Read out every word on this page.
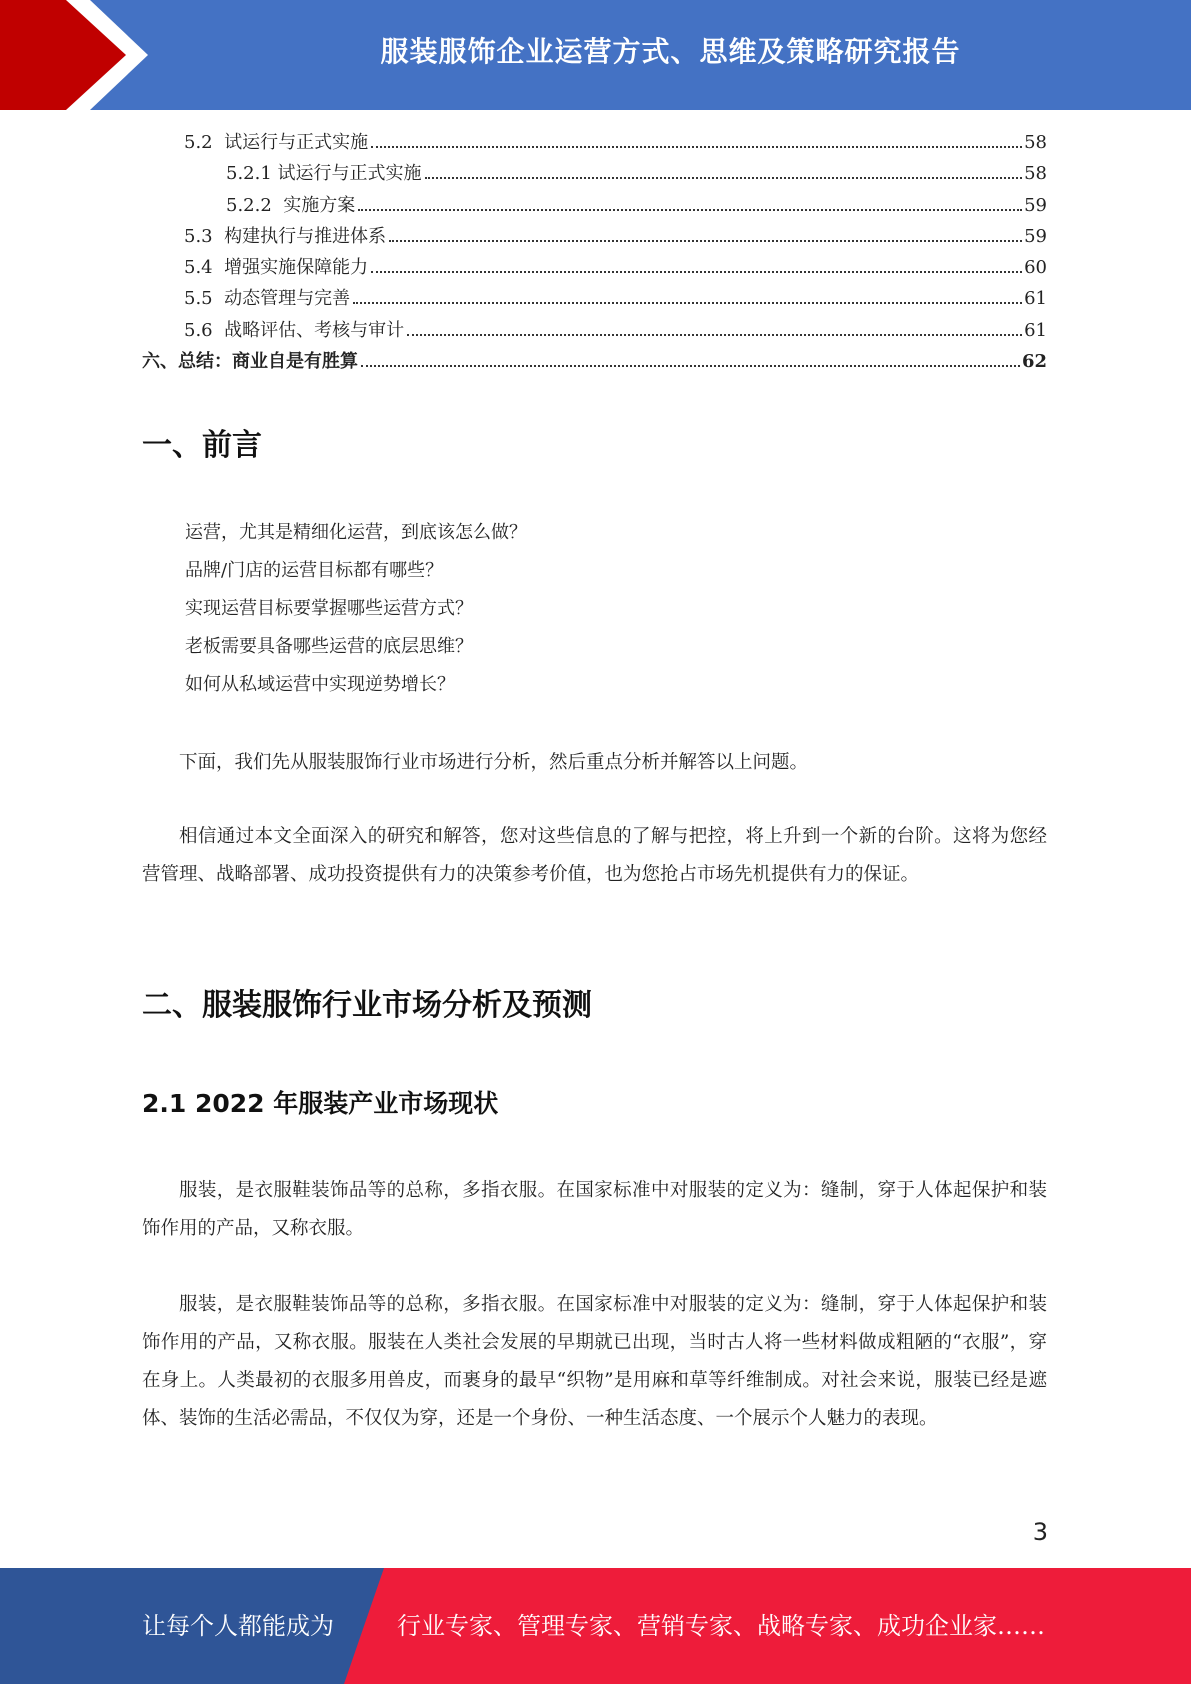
服装服饰企业运营方式、思维及策略研究报告
5.2  试运行与正式实施	58
5.2.1 试运行与正式实施	58
5.2.2  实施方案	59
5.3  构建执行与推进体系	59
5.4  增强实施保障能力	60
5.5  动态管理与完善	61
5.6  战略评估、考核与审计	61
六、总结：商业自是有胜算	62
一、前言
运营，尤其是精细化运营，到底该怎么做？
品牌/门店的运营目标都有哪些？
实现运营目标要掌握哪些运营方式？
老板需要具备哪些运营的底层思维？
如何从私域运营中实现逆势增长？
下面，我们先从服装服饰行业市场进行分析，然后重点分析并解答以上问题。
相信通过本文全面深入的研究和解答，您对这些信息的了解与把控，将上升到一个新的台阶。这将为您经营管理、战略部署、成功投资提供有力的决策参考价值，也为您抢占市场先机提供有力的保证。
二、服装服饰行业市场分析及预测
2.1 2022 年服装产业市场现状
服装，是衣服鞋装饰品等的总称，多指衣服。在国家标准中对服装的定义为：缝制，穿于人体起保护和装饰作用的产品，又称衣服。
服装，是衣服鞋装饰品等的总称，多指衣服。在国家标准中对服装的定义为：缝制，穿于人体起保护和装饰作用的产品，又称衣服。服装在人类社会发展的早期就已出现，当时古人将一些材料做成粗陋的“衣服”，穿在身上。人类最初的衣服多用兽皮，而裹身的最早“织物”是用麻和草等纤维制成。对社会来说，服装已经是遮体、装饰的生活必需品，不仅仅为穿，还是一个身份、一种生活态度、一个展示个人魅力的表现。
3
让每个人都能成为	行业专家、管理专家、营销专家、战略专家、成功企业家……
